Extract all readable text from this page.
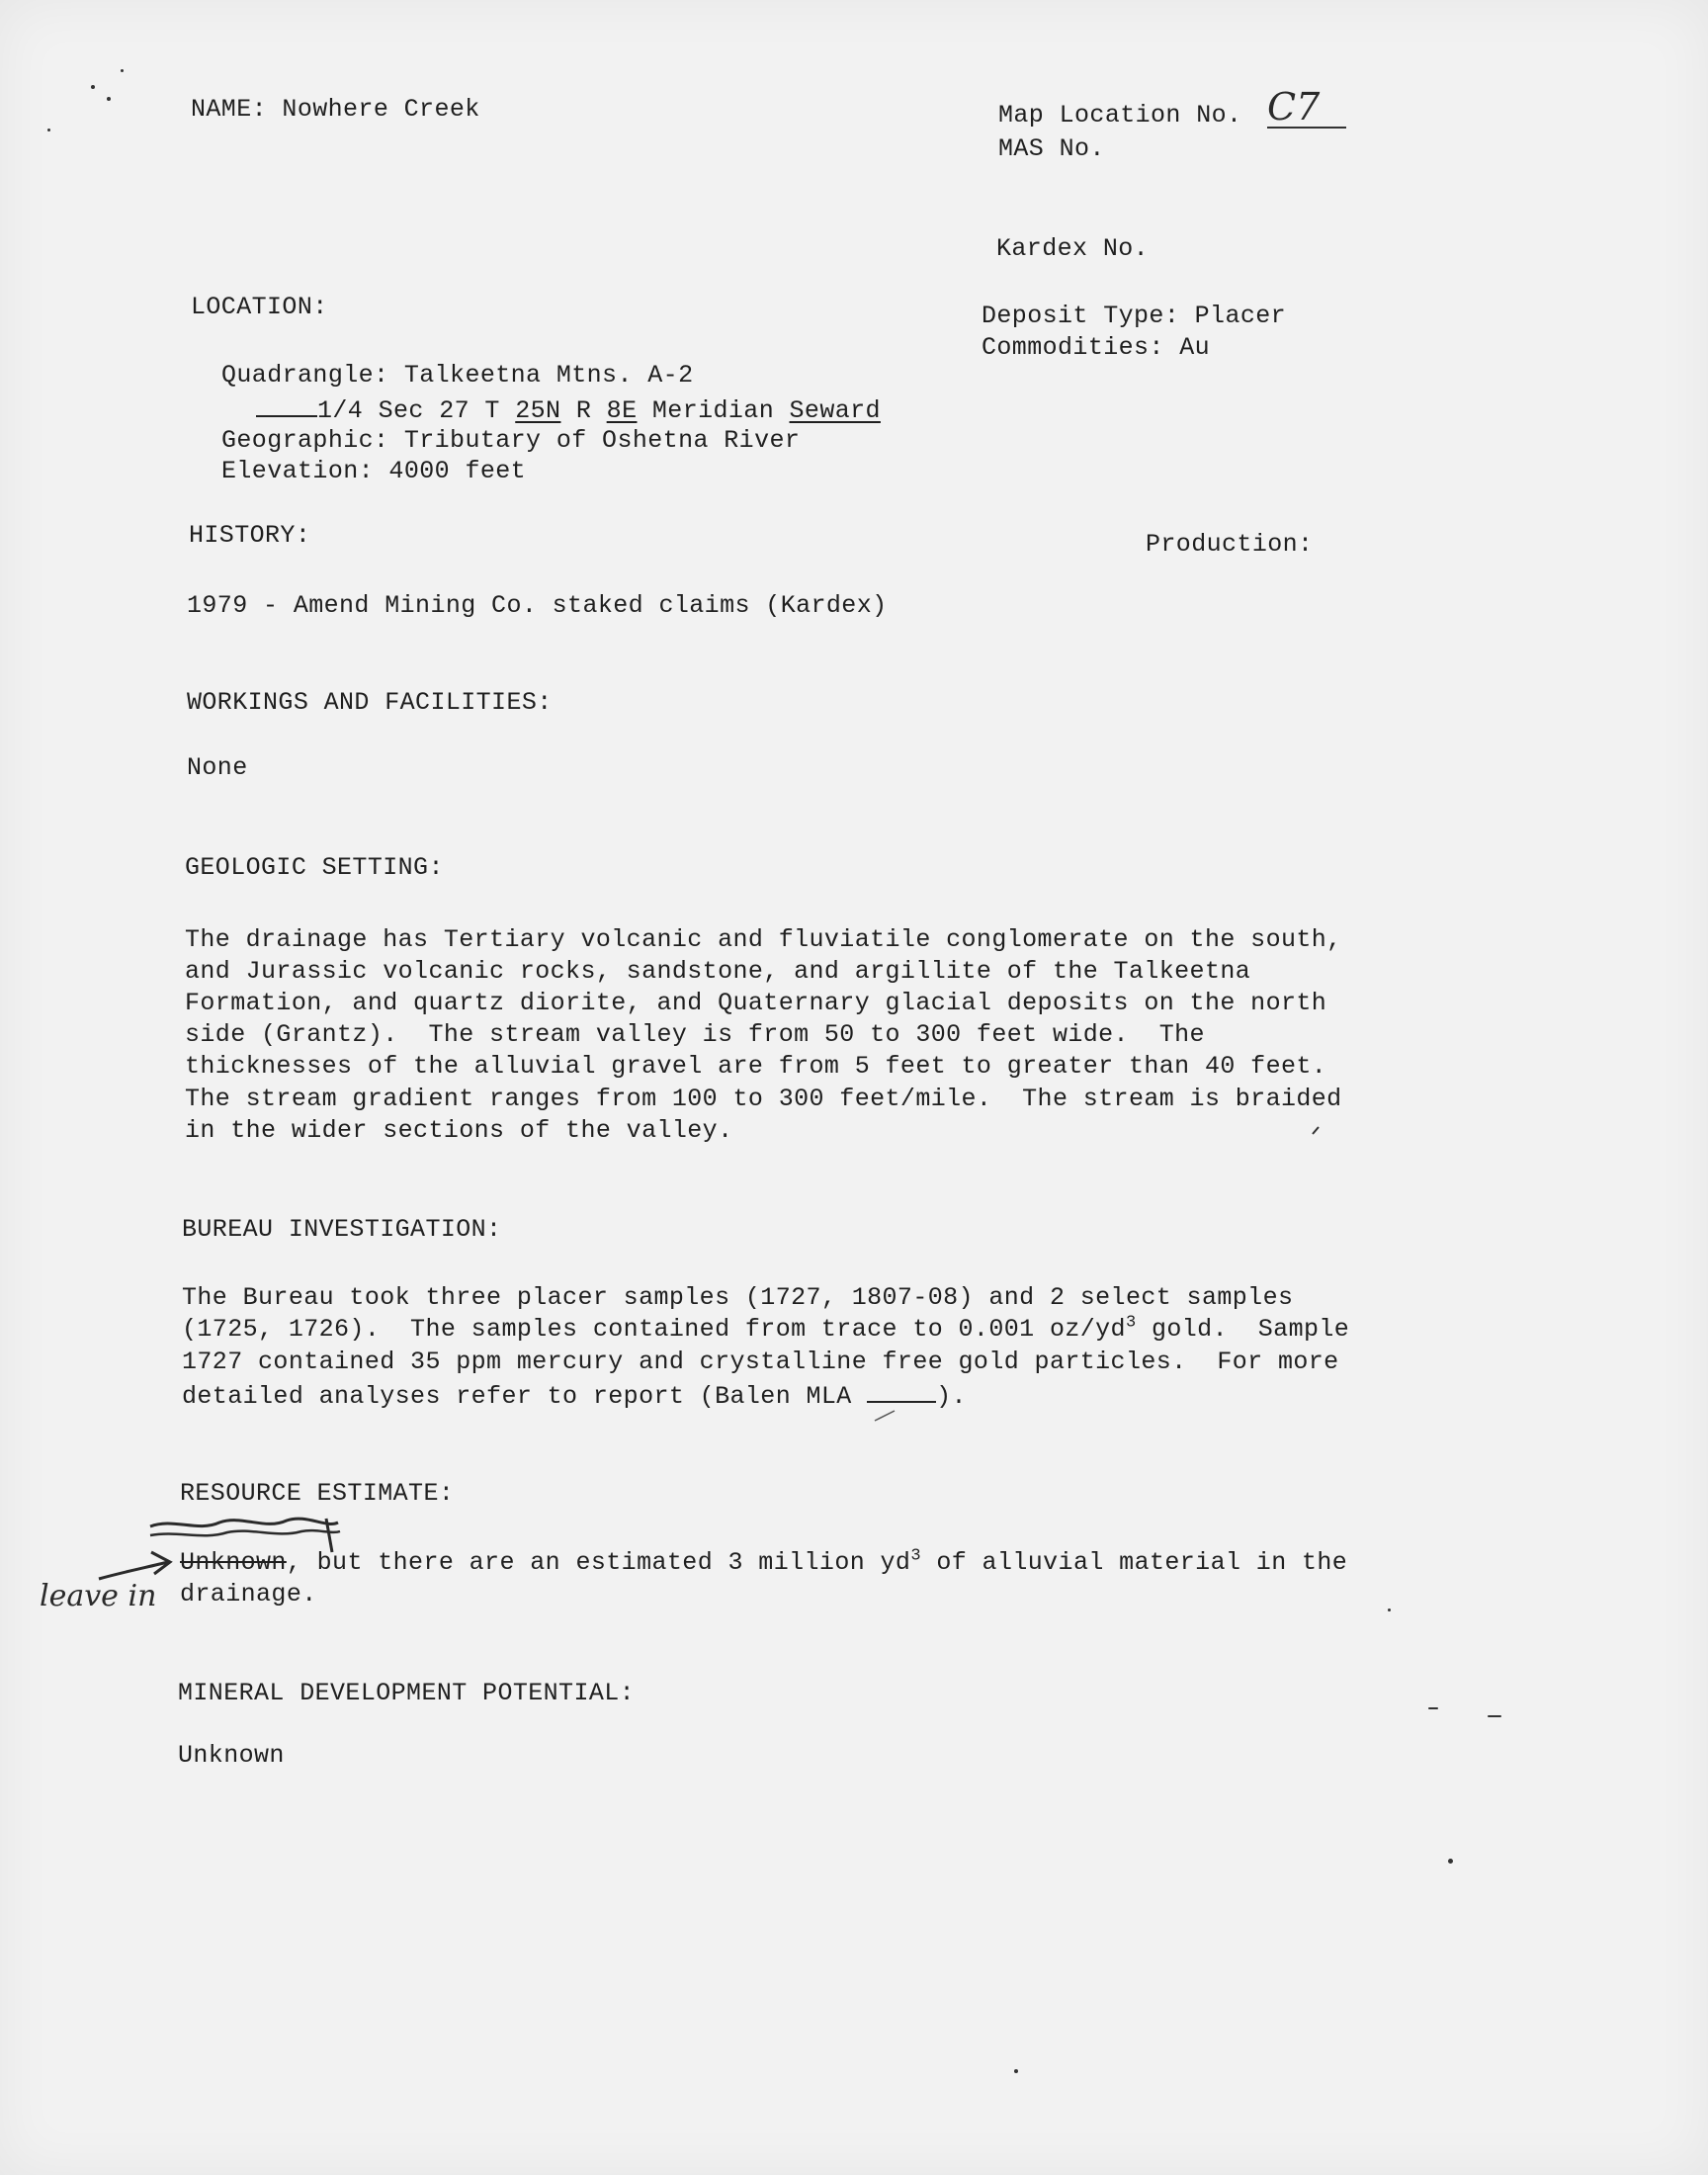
NAME: Nowhere Creek	Map Location No. C7
MAS No.
Kardex No.
Deposit Type: Placer
Commodities: Au
LOCATION:
Quadrangle: Talkeetna Mtns. A-2
1/4 Sec 27 T 25N R 8E Meridian Seward
Geographic: Tributary of Oshetna River
Elevation: 4000 feet
HISTORY:	Production:
1979 - Amend Mining Co. staked claims (Kardex)
WORKINGS AND FACILITIES:
None
GEOLOGIC SETTING:
The drainage has Tertiary volcanic and fluviatile conglomerate on the south,
and Jurassic volcanic rocks, sandstone, and argillite of the Talkeetna
Formation, and quartz diorite, and Quaternary glacial deposits on the north
side (Grantz).  The stream valley is from 50 to 300 feet wide.  The
thicknesses of the alluvial gravel are from 5 feet to greater than 40 feet.
The stream gradient ranges from 100 to 300 feet/mile.  The stream is braided
in the wider sections of the valley.
BUREAU INVESTIGATION:
The Bureau took three placer samples (1727, 1807-08) and 2 select samples
(1725, 1726).  The samples contained from trace to 0.001 $oz/yd^3$ gold.  Sample
1727 contained 35 ppm mercury and crystalline free gold particles.  For more
detailed analyses refer to report (Balen MLA	).
RESOURCE ESTIMATE:
Unknown, but there are an estimated 3 million $yd^3$ of alluvial material in the
drainage.
leave in
MINERAL DEVELOPMENT POTENTIAL:
Unknown
